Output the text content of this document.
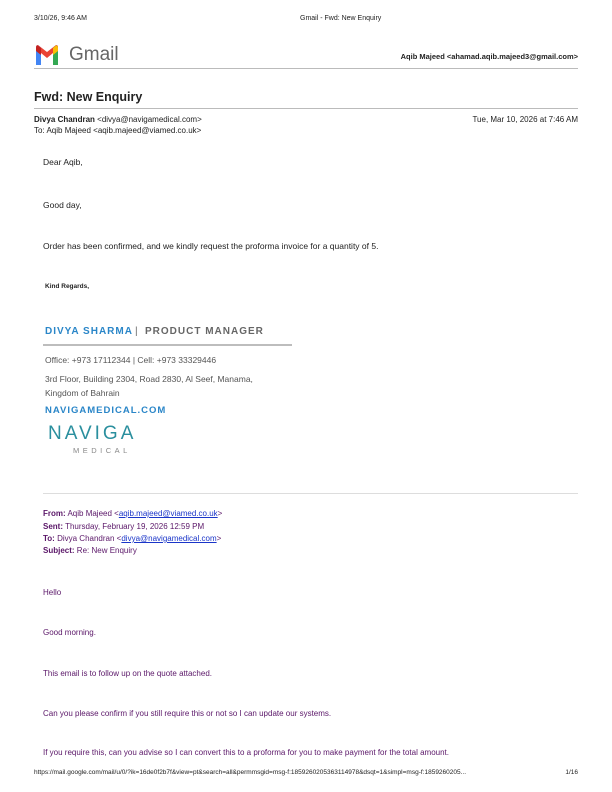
3/10/26, 9:46 AM	Gmail - Fwd: New Enquiry
Gmail	Aqib Majeed <ahamad.aqib.majeed3@gmail.com>
Fwd: New Enquiry
Divya Chandran <divya@navigamedical.com>	Tue, Mar 10, 2026 at 7:46 AM
To: Aqib Majeed <aqib.majeed@viamed.co.uk>
Dear Aqib,
Good day,
Order has been confirmed, and we kindly request the proforma invoice for a quantity of 5.
Kind Regards,
DIVYA SHARMA | PRODUCT MANAGER
Office: +973 17112344 | Cell: +973 33329446
3rd Floor, Building 2304, Road 2830, Al Seef, Manama,
Kingdom of Bahrain
NAVIGAMEDICAL.COM
NAVIGA
MEDICAL
From: Aqib Majeed <aqib.majeed@viamed.co.uk>
Sent: Thursday, February 19, 2026 12:59 PM
To: Divya Chandran <divya@navigamedical.com>
Subject: Re: New Enquiry
Hello
Good morning.
This email is to follow up on the quote attached.
Can you please confirm if you still require this or not so I can update our systems.
If you require this, can you advise so I can convert this to a proforma for you to make payment for the total amount.
https://mail.google.com/mail/u/0/?ik=16de0f2b7f&view=pt&search=all&permmsgid=msg-f:1859260205363114978&dsqt=1&simpl=msg-f:1859260205...	1/16
